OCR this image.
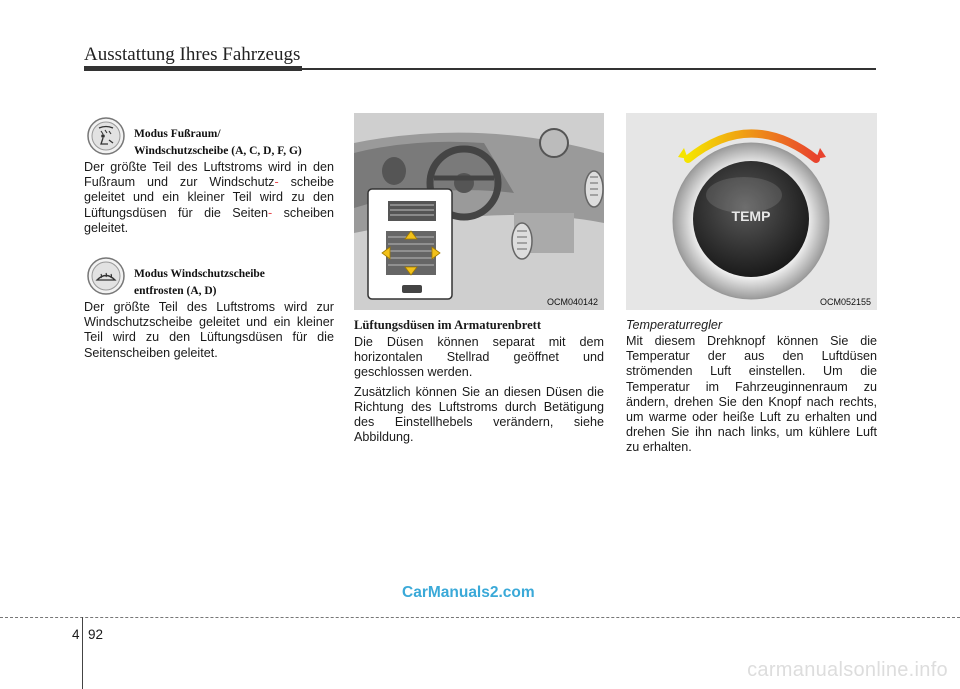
Ausstattung Ihres Fahrzeugs
Modus Fußraum/
Windschutzscheibe (A, C, D, F, G)

Der größte Teil des Luftstroms wird in den Fußraum und zur Windschutz- scheibe geleitet und ein kleiner Teil wird zu den Lüftungsdüsen für die Seiten- scheiben geleitet.

Modus Windschutzscheibe
entfrosten (A, D)

Der größte Teil des Luftstroms wird zur Windschutzscheibe geleitet und ein kleiner Teil wird zu den Lüftungsdüsen für die Seitenscheiben geleitet.

OCM040142
Lüftungsdüsen im Armaturenbrett

Die Düsen können separat mit dem horizontalen Stellrad geöffnet und geschlossen werden.

Zusätzlich können Sie an diesen Düsen die Richtung des Luftstroms durch Betätigung des Einstellhebels verändern, siehe Abbildung.

TEMP
OCM052155
Temperaturregler

Mit diesem Drehknopf können Sie die Temperatur der aus den Luftdüsen strömenden Luft einstellen. Um die Temperatur im Fahrzeuginnenraum zu ändern, drehen Sie den Knopf nach rechts, um warme oder heiße Luft zu erhalten und drehen Sie ihn nach links, um kühlere Luft zu erhalten.

CarManuals2.com
4 92
carmanualsonline.info
